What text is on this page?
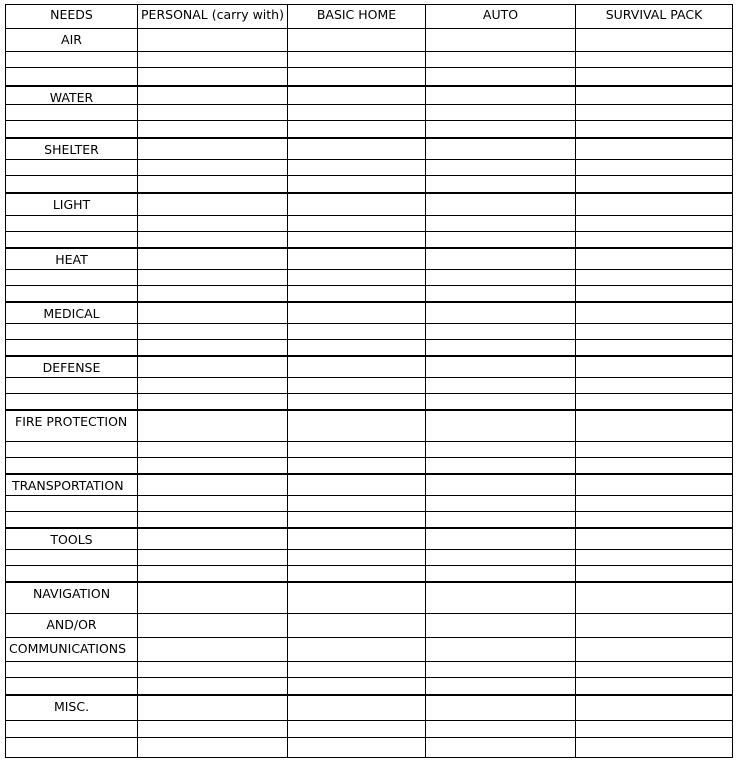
NEEDS	PERSONAL (carry with)	BASIC HOME	AUTO	SURVIVAL PACK
AIR				

WATER				

SHELTER				

LIGHT				

HEAT				

MEDICAL				

DEFENSE				

FIRE PROTECTION				

TRANSPORTATION				

TOOLS				

NAVIGATION				
AND/OR				
COMMUNICATIONS				

MISC.				
